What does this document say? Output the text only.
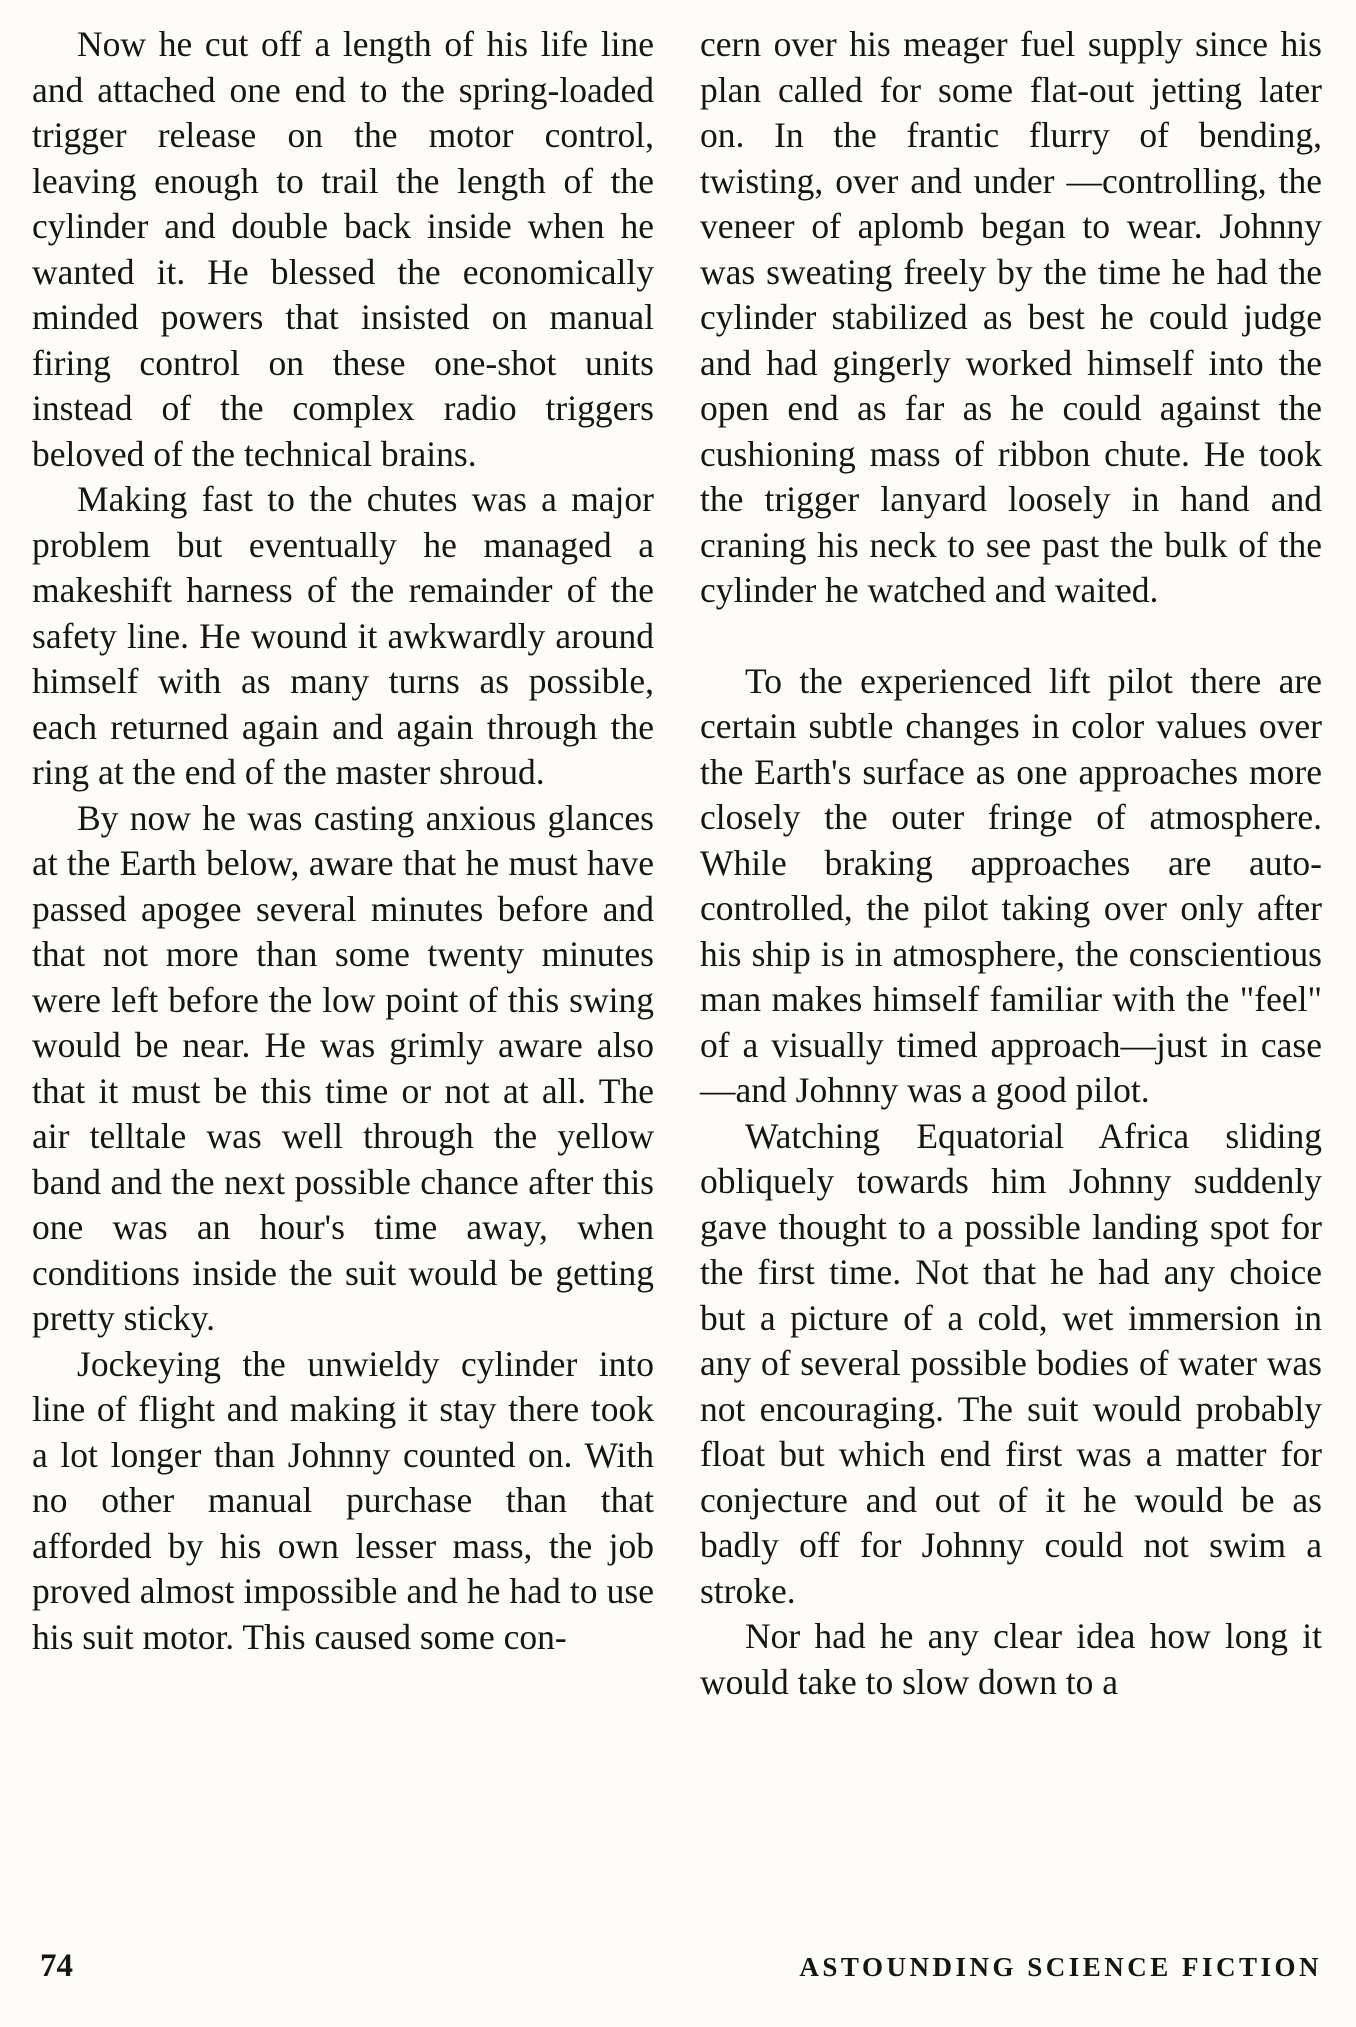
Now he cut off a length of his life line and attached one end to the spring-loaded trigger release on the motor control, leaving enough to trail the length of the cylinder and double back inside when he wanted it. He blessed the economically minded powers that insisted on manual firing control on these one-shot units instead of the complex radio triggers beloved of the technical brains.

Making fast to the chutes was a major problem but eventually he managed a makeshift harness of the remainder of the safety line. He wound it awkwardly around himself with as many turns as possible, each returned again and again through the ring at the end of the master shroud.

By now he was casting anxious glances at the Earth below, aware that he must have passed apogee several minutes before and that not more than some twenty minutes were left before the low point of this swing would be near. He was grimly aware also that it must be this time or not at all. The air telltale was well through the yellow band and the next possible chance after this one was an hour's time away, when conditions inside the suit would be getting pretty sticky.

Jockeying the unwieldy cylinder into line of flight and making it stay there took a lot longer than Johnny counted on. With no other manual purchase than that afforded by his own lesser mass, the job proved almost impossible and he had to use his suit motor. This caused some con-

cern over his meager fuel supply since his plan called for some flat-out jetting later on. In the frantic flurry of bending, twisting, over and under —controlling, the veneer of aplomb began to wear. Johnny was sweating freely by the time he had the cylinder stabilized as best he could judge and had gingerly worked himself into the open end as far as he could against the cushioning mass of ribbon chute. He took the trigger lanyard loosely in hand and craning his neck to see past the bulk of the cylinder he watched and waited.

To the experienced lift pilot there are certain subtle changes in color values over the Earth's surface as one approaches more closely the outer fringe of atmosphere. While braking approaches are auto-controlled, the pilot taking over only after his ship is in atmosphere, the conscientious man makes himself familiar with the "feel" of a visually timed approach—just in case—and Johnny was a good pilot.

Watching Equatorial Africa sliding obliquely towards him Johnny suddenly gave thought to a possible landing spot for the first time. Not that he had any choice but a picture of a cold, wet immersion in any of several possible bodies of water was not encouraging. The suit would probably float but which end first was a matter for conjecture and out of it he would be as badly off for Johnny could not swim a stroke.

Nor had he any clear idea how long it would take to slow down to a

74	ASTOUNDING SCIENCE FICTION
